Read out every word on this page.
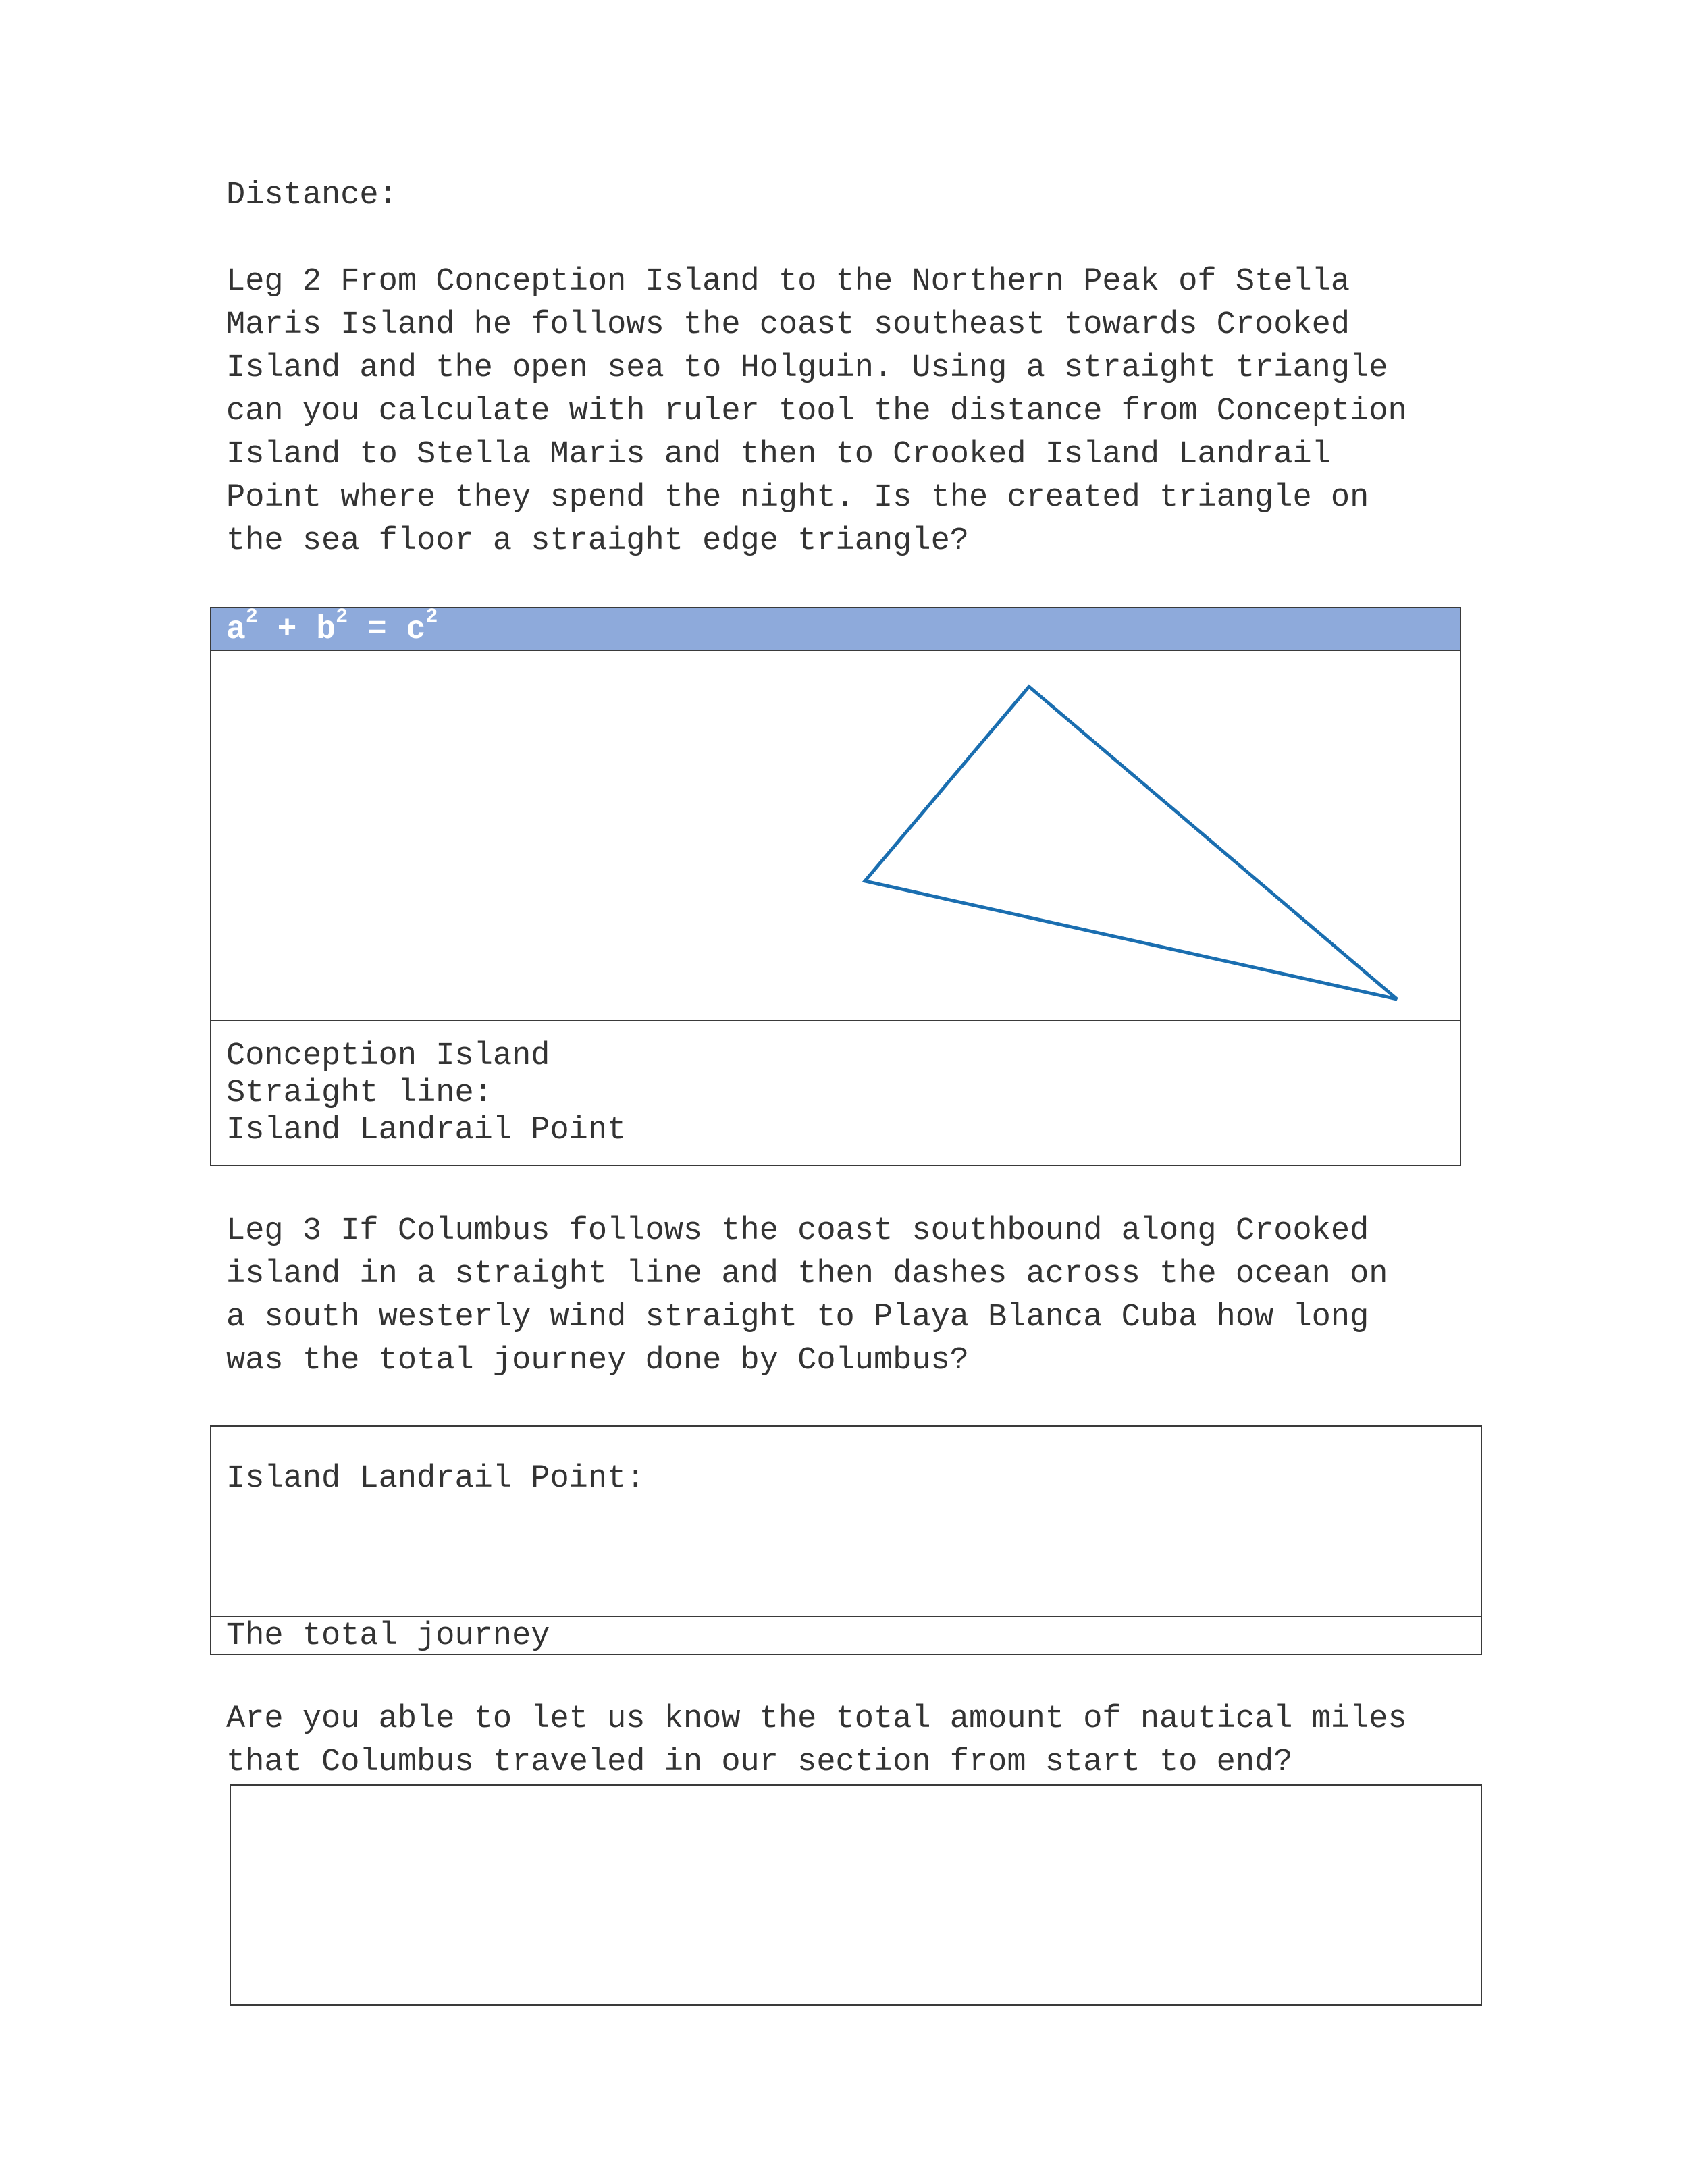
Distance:
Leg 2 From Conception Island to the Northern Peak of Stella
Maris Island he follows the coast southeast towards Crooked
Island and the open sea to Holguin. Using a straight triangle
can you calculate with ruler tool the distance from Conception
Island to Stella Maris and then to Crooked Island Landrail
Point where they spend the night. Is the created triangle on
the sea floor a straight edge triangle?
$a^2 + b^2 = c^2$
Conception Island
Straight line:
Island Landrail Point
Leg 3 If Columbus follows the coast southbound along Crooked
island in a straight line and then dashes across the ocean on
a south westerly wind straight to Playa Blanca Cuba how long
was the total journey done by Columbus?
Island Landrail Point:
The total journey
Are you able to let us know the total amount of nautical miles
that Columbus traveled in our section from start to end?
